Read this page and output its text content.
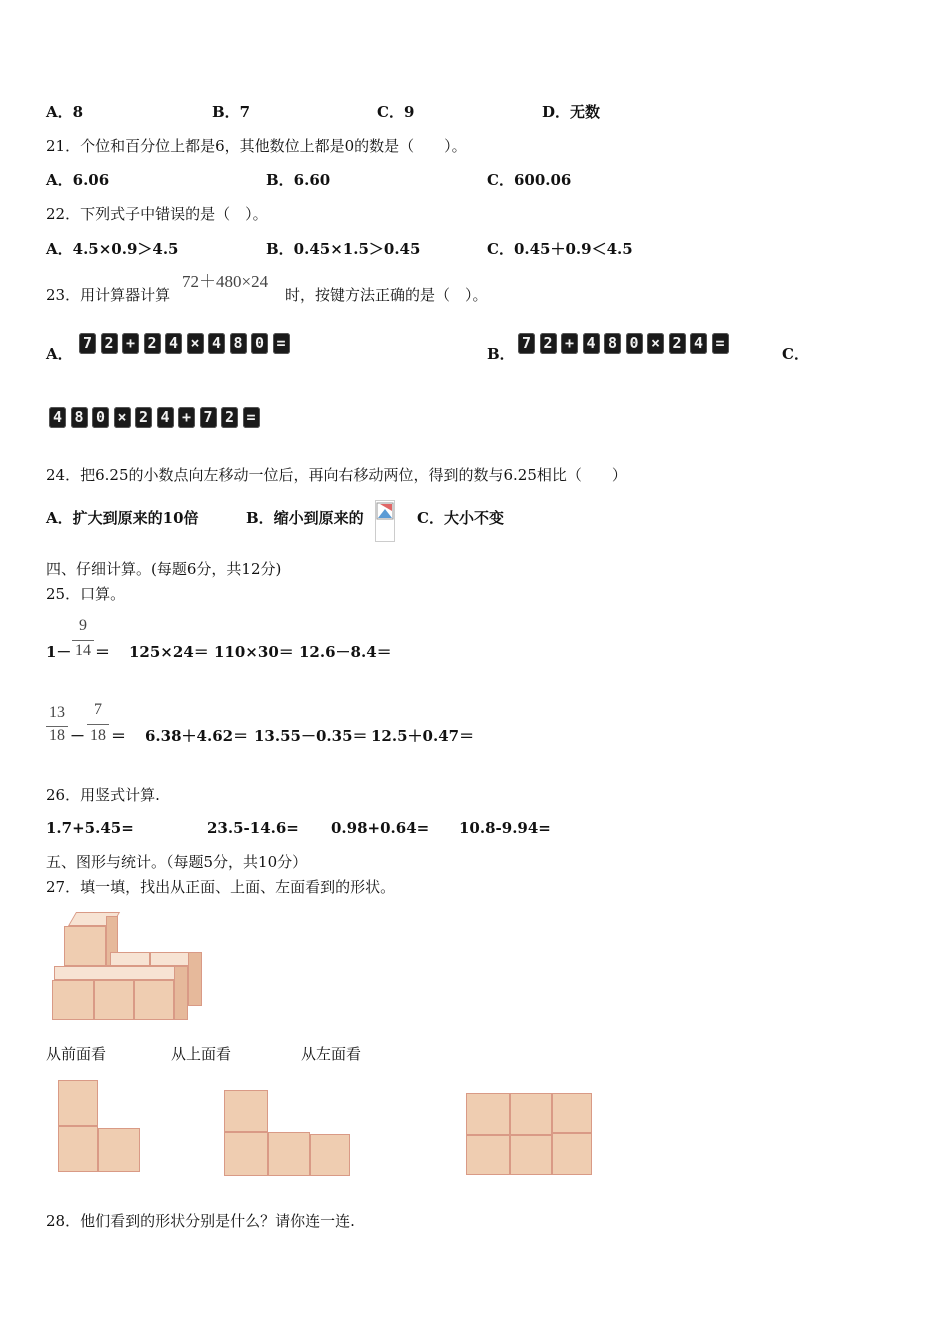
A．8	B．7	C．9	D．无数
21．个位和百分位上都是6，其他数位上都是0的数是（　　）。
A．6.06	B．6.60	C．600.06
22．下列式子中错误的是（　）。
A．4.5×0.9＞4.5	B．0.45×1.5＞0.45	C．0.45＋0.9＜4.5
23．用计算器计算
72＋480×24
时，按键方法正确的是（　）。
A．
7 2 + 2 4 × 4 8 0 =
B．
7 2 + 4 8 0 × 2 4 =
C．
4 8 0 × 2 4 + 7 2 =
24．把6.25的小数点向左移动一位后，再向右移动两位，得到的数与6.25相比（　　）
A．扩大到原来的10倍	B．缩小到原来的	C．大小不变
四、仔细计算。(每题6分，共12分)
25．口算。
1－
9
14 ＝ 125×24＝ 110×30＝ 12.6－8.4＝
13
18 －
7
18 ＝ 6.38＋4.62＝ 13.55－0.35＝ 12.5＋0.47＝
26．用竖式计算.
1.7+5.45=	23.5-14.6= 0.98+0.64= 10.8-9.94=
五、图形与统计。（每题5分，共10分）
27．填一填，找出从正面、上面、左面看到的形状。
从前面看	从上面看	从左面看
28．他们看到的形状分别是什么？请你连一连.
